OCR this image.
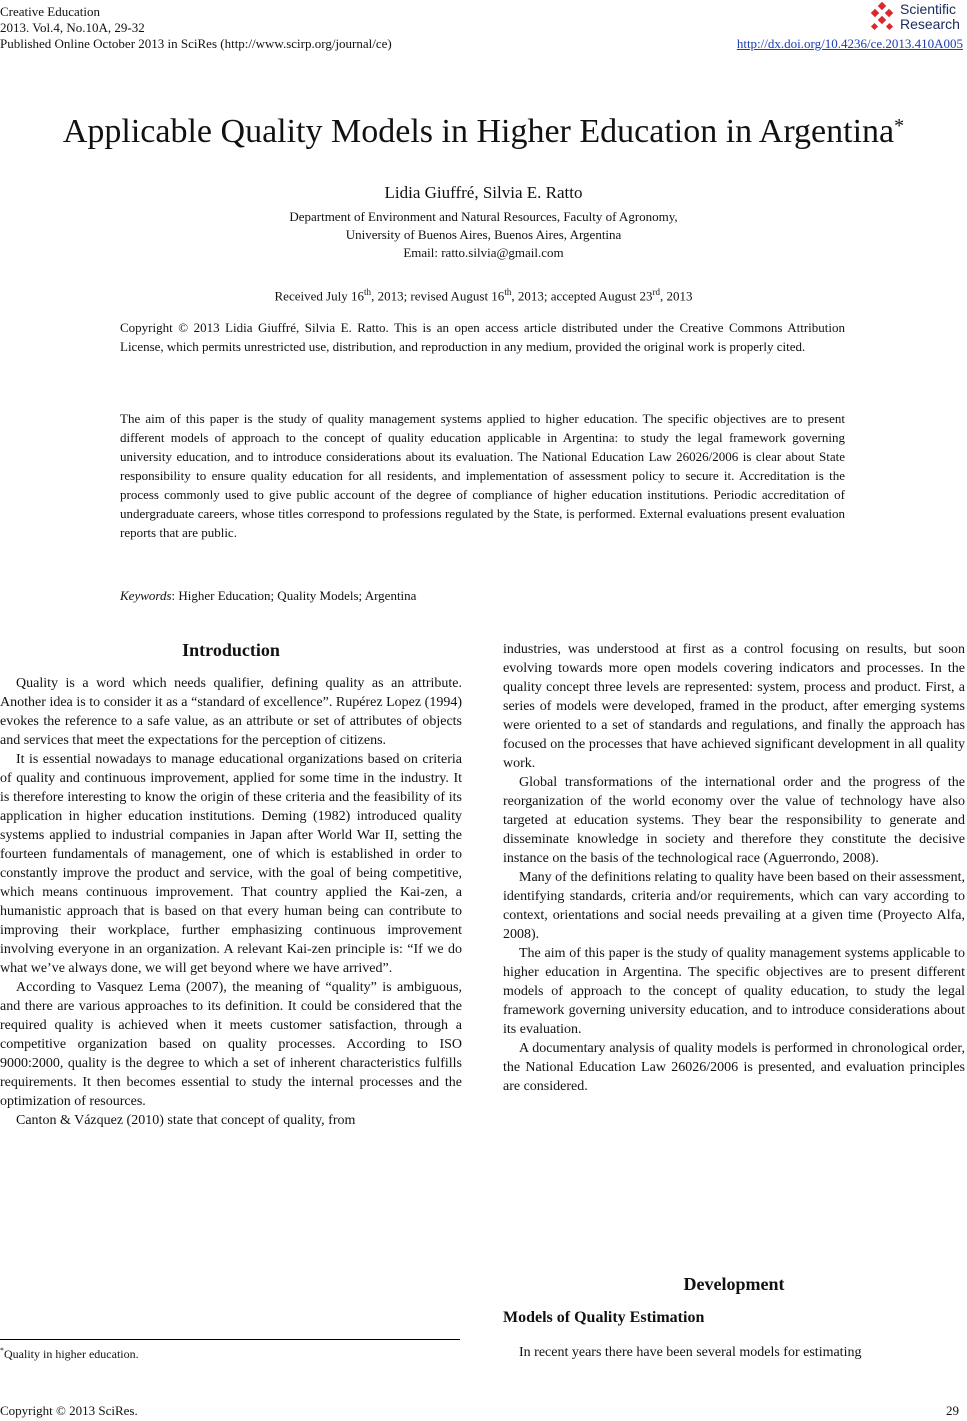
Creative Education
2013. Vol.4, No.10A, 29-32
Published Online October 2013 in SciRes (http://www.scirp.org/journal/ce)	http://dx.doi.org/10.4236/ce.2013.410A005
Scientific
Research
Applicable Quality Models in Higher Education in Argentina*
Lidia Giuffré, Silvia E. Ratto
Department of Environment and Natural Resources, Faculty of Agronomy,
University of Buenos Aires, Buenos Aires, Argentina
Email: ratto.silvia@gmail.com
Received July 16th, 2013; revised August 16th, 2013; accepted August 23rd, 2013
Copyright © 2013 Lidia Giuffré, Silvia E. Ratto. This is an open access article distributed under the Creative Commons Attribution License, which permits unrestricted use, distribution, and reproduction in any medium, provided the original work is properly cited.
The aim of this paper is the study of quality management systems applied to higher education. The specific objectives are to present different models of approach to the concept of quality education applicable in Argentina: to study the legal framework governing university education, and to introduce considerations about its evaluation. The National Education Law 26026/2006 is clear about State responsibility to ensure quality education for all residents, and implementation of assessment policy to secure it. Accreditation is the process commonly used to give public account of the degree of compliance of higher education institutions. Periodic accreditation of undergraduate careers, whose titles correspond to professions regulated by the State, is performed. External evaluations present evaluation reports that are public.
Keywords: Higher Education; Quality Models; Argentina

Introduction

Quality is a word which needs qualifier, defining quality as an attribute. Another idea is to consider it as a “standard of excellence”. Rupérez Lopez (1994) evokes the reference to a safe value, as an attribute or set of attributes of objects and services that meet the expectations for the perception of citizens.

It is essential nowadays to manage educational organizations based on criteria of quality and continuous improvement, applied for some time in the industry. It is therefore interesting to know the origin of these criteria and the feasibility of its application in higher education institutions. Deming (1982) introduced quality systems applied to industrial companies in Japan after World War II, setting the fourteen fundamentals of management, one of which is established in order to constantly improve the product and service, with the goal of being competitive, which means continuous improvement. That country applied the Kai-zen, a humanistic approach that is based on that every human being can contribute to improving their workplace, further emphasizing continuous improvement involving everyone in an organization. A relevant Kai-zen principle is: “If we do what we’ve always done, we will get beyond where we have arrived”.

According to Vasquez Lema (2007), the meaning of “quality” is ambiguous, and there are various approaches to its definition. It could be considered that the required quality is achieved when it meets customer satisfaction, through a competitive organization based on quality processes. According to ISO 9000:2000, quality is the degree to which a set of inherent characteristics fulfills requirements. It then becomes essential to study the internal processes and the optimization of resources.

Canton & Vázquez (2010) state that concept of quality, from

industries, was understood at first as a control focusing on results, but soon evolving towards more open models covering indicators and processes. In the quality concept three levels are represented: system, process and product. First, a series of models were developed, framed in the product, after emerging systems were oriented to a set of standards and regulations, and finally the approach has focused on the processes that have achieved significant development in all quality work.

Global transformations of the international order and the progress of the reorganization of the world economy over the value of technology have also targeted at education systems. They bear the responsibility to generate and disseminate knowledge in society and therefore they constitute the decisive instance on the basis of the technological race (Aguerrondo, 2008).

Many of the definitions relating to quality have been based on their assessment, identifying standards, criteria and/or requirements, which can vary according to context, orientations and social needs prevailing at a given time (Proyecto Alfa, 2008).

The aim of this paper is the study of quality management systems applicable to higher education in Argentina. The specific objectives are to present different models of approach to the concept of quality education, to study the legal framework governing university education, and to introduce considerations about its evaluation.

A documentary analysis of quality models is performed in chronological order, the National Education Law 26026/2006 is presented, and evaluation principles are considered.

Development

Models of Quality Estimation

In recent years there have been several models for estimating

*Quality in higher education.
Copyright © 2013 SciRes.	29
